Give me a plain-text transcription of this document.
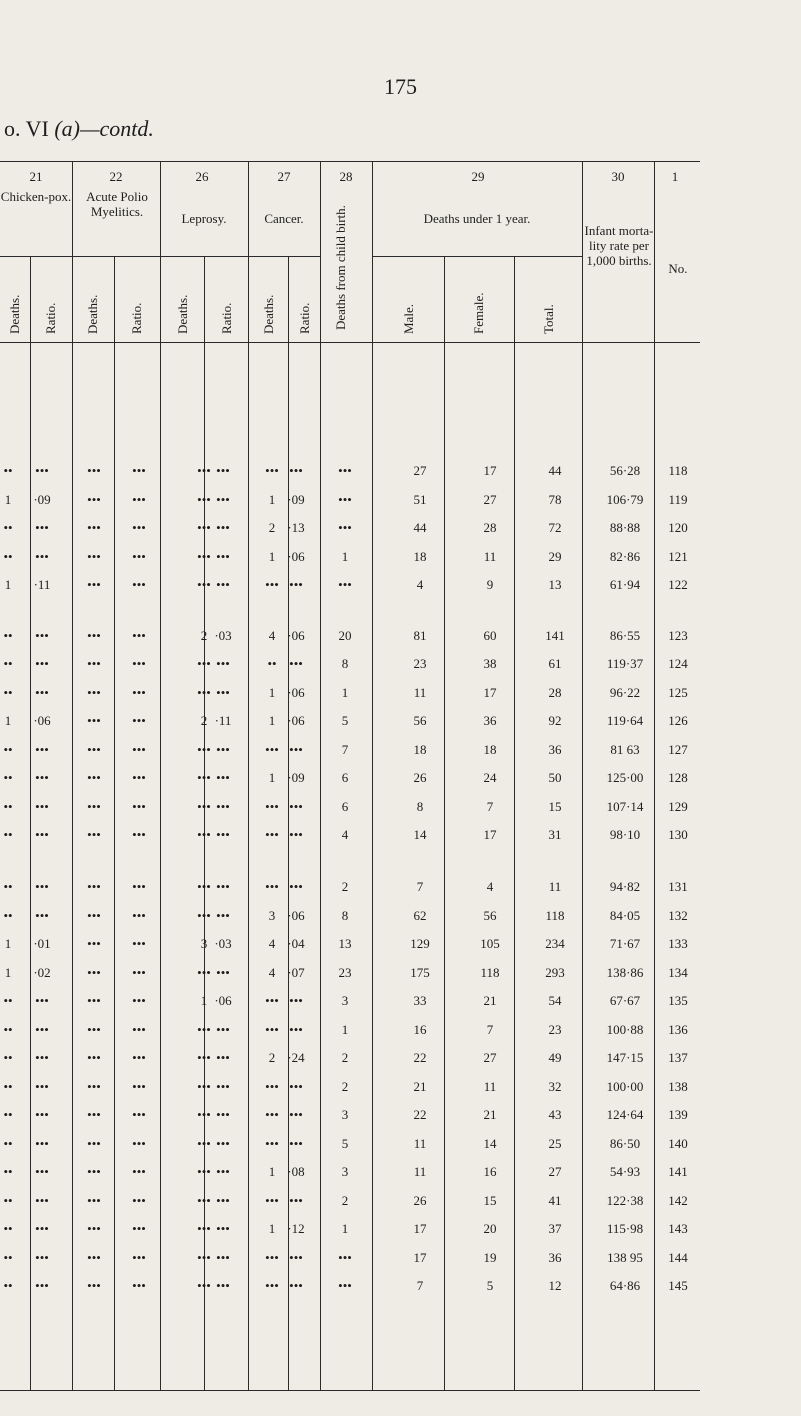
175
o. VI (a)—contd.
21	22	26	27	28	29	30	1
Chicken-pox.	Acute Polio Myelitics.	Leprosy.	Cancer.	Deaths from child birth.	Deaths under 1 year.
Infant morta-lity rate per 1,000 births.
No.
Deaths. Ratio. Deaths. Ratio. Deaths. Ratio. Deaths. Ratio.	Male.	Female.	Total.
••	•••	•••	•••	••• •••	••• •••	•••	27	17	44	56·28	118
1	·09	•••	•••	••• •••	1 ·09	•••	51	27	78	106·79	119
••	•••	•••	•••	••• •••	2 ·13	•••	44	28	72	88·88	120
••	•••	•••	•••	••• •••	1 ·06	1	18	11	29	82·86	121
1	·11	•••	•••	••• •••	••• •••	•••	4	9	13	61·94	122
••	•••	•••	•••	2 ·03	4 ·06	20	81	60	141	86·55	123
••	•••	•••	•••	••• •••	•• •••	8	23	38	61	119·37	124
••	•••	•••	•••	••• •••	1 ·06	1	11	17	28	96·22	125
1	·06	•••	•••	2 ·11	1 ·06	5	56	36	92	119·64	126
••	•••	•••	•••	••• •••	••• •••	7	18	18	36	81 63	127
••	•••	•••	•••	••• •••	1 ·09	6	26	24	50	125·00	128
••	•••	•••	•••	••• •••	••• •••	6	8	7	15	107·14	129
••	•••	•••	•••	••• •••	••• •••	4	14	17	31	98·10	130
••	•••	•••	•••	••• •••	••• •••	2	7	4	11	94·82	131
••	•••	•••	•••	••• •••	3 ·06	8	62	56	118	84·05	132
1	·01	•••	•••	3 ·03	4 ·04	13	129	105	234	71·67	133
1	·02	•••	•••	••• •••	4 ·07	23	175	118	293	138·86	134
••	•••	•••	•••	1 ·06	••• •••	3	33	21	54	67·67	135
••	•••	•••	•••	••• •••	••• •••	1	16	7	23	100·88	136
••	•••	•••	•••	••• •••	2 ·24	2	22	27	49	147·15	137
••	•••	•••	•••	••• •••	••• •••	2	21	11	32	100·00	138
••	•••	•••	•••	••• •••	••• •••	3	22	21	43	124·64	139
••	•••	•••	•••	••• •••	••• •••	5	11	14	25	86·50	140
••	•••	•••	•••	••• •••	1 ·08	3	11	16	27	54·93	141
••	•••	•••	•••	••• •••	••• •••	2	26	15	41	122·38	142
••	•••	•••	•••	••• •••	1 ·12	1	17	20	37	115·98	143
••	•••	•••	•••	••• •••	••• •••	•••	17	19	36	138 95	144
••	•••	•••	•••	••• •••	••• •••	•••	7	5	12	64·86	145
